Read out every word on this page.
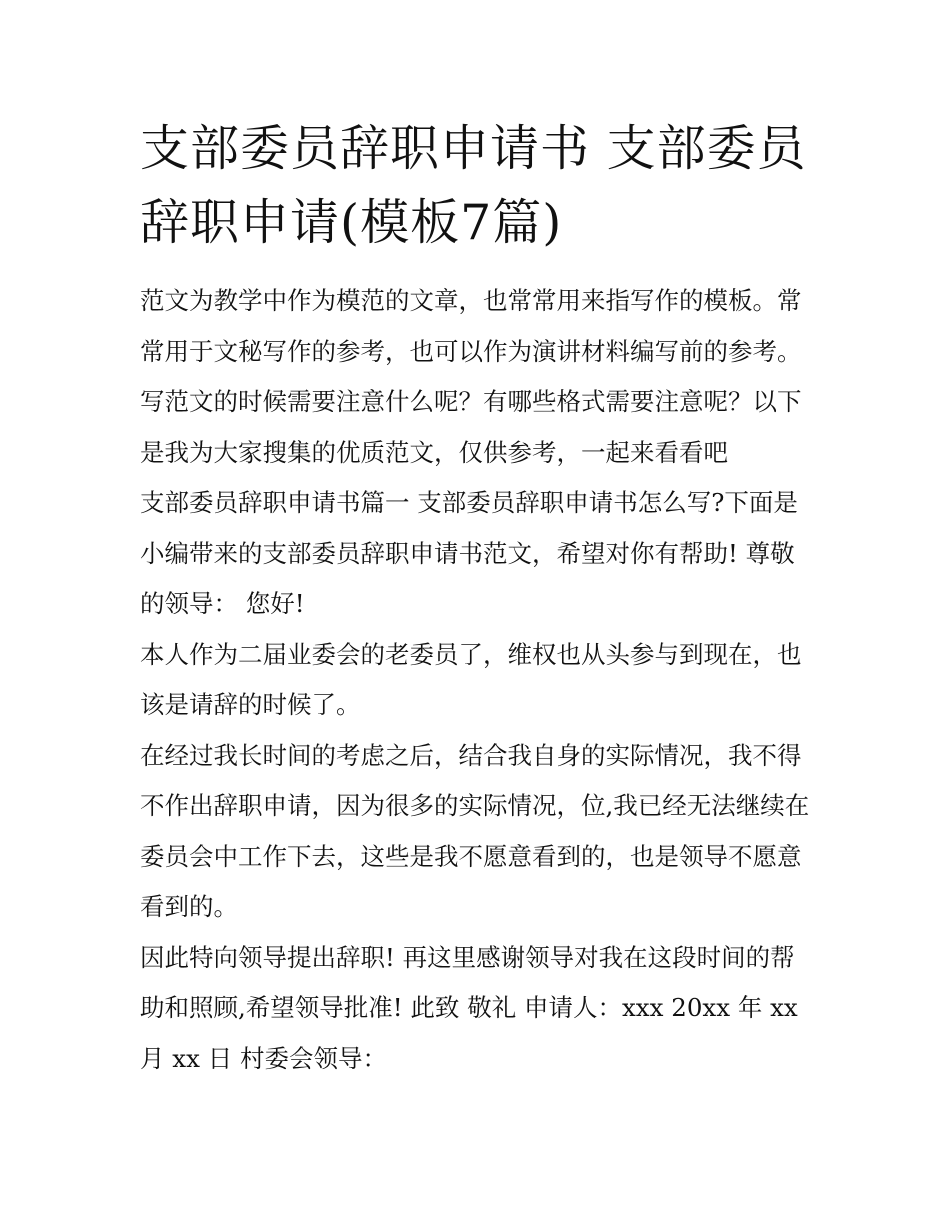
支部委员辞职申请书 支部委员辞职申请(模板7篇)

范文为教学中作为模范的文章，也常常用来指写作的模板。常常用于文秘写作的参考，也可以作为演讲材料编写前的参考。写范文的时候需要注意什么呢？有哪些格式需要注意呢？以下是我为大家搜集的优质范文，仅供参考，一起来看看吧

支部委员辞职申请书篇一 支部委员辞职申请书怎么写?下面是小编带来的支部委员辞职申请书范文，希望对你有帮助! 尊敬的领导： 您好!

本人作为二届业委会的老委员了，维权也从头参与到现在，也该是请辞的时候了。

在经过我长时间的考虑之后，结合我自身的实际情况，我不得不作出辞职申请，因为很多的实际情况，位,我已经无法继续在委员会中工作下去，这些是我不愿意看到的，也是领导不愿意看到的。

因此特向领导提出辞职! 再这里感谢领导对我在这段时间的帮助和照顾,希望领导批准! 此致 敬礼 申请人：xxx 20xx 年 xx 月 xx 日 村委会领导：
